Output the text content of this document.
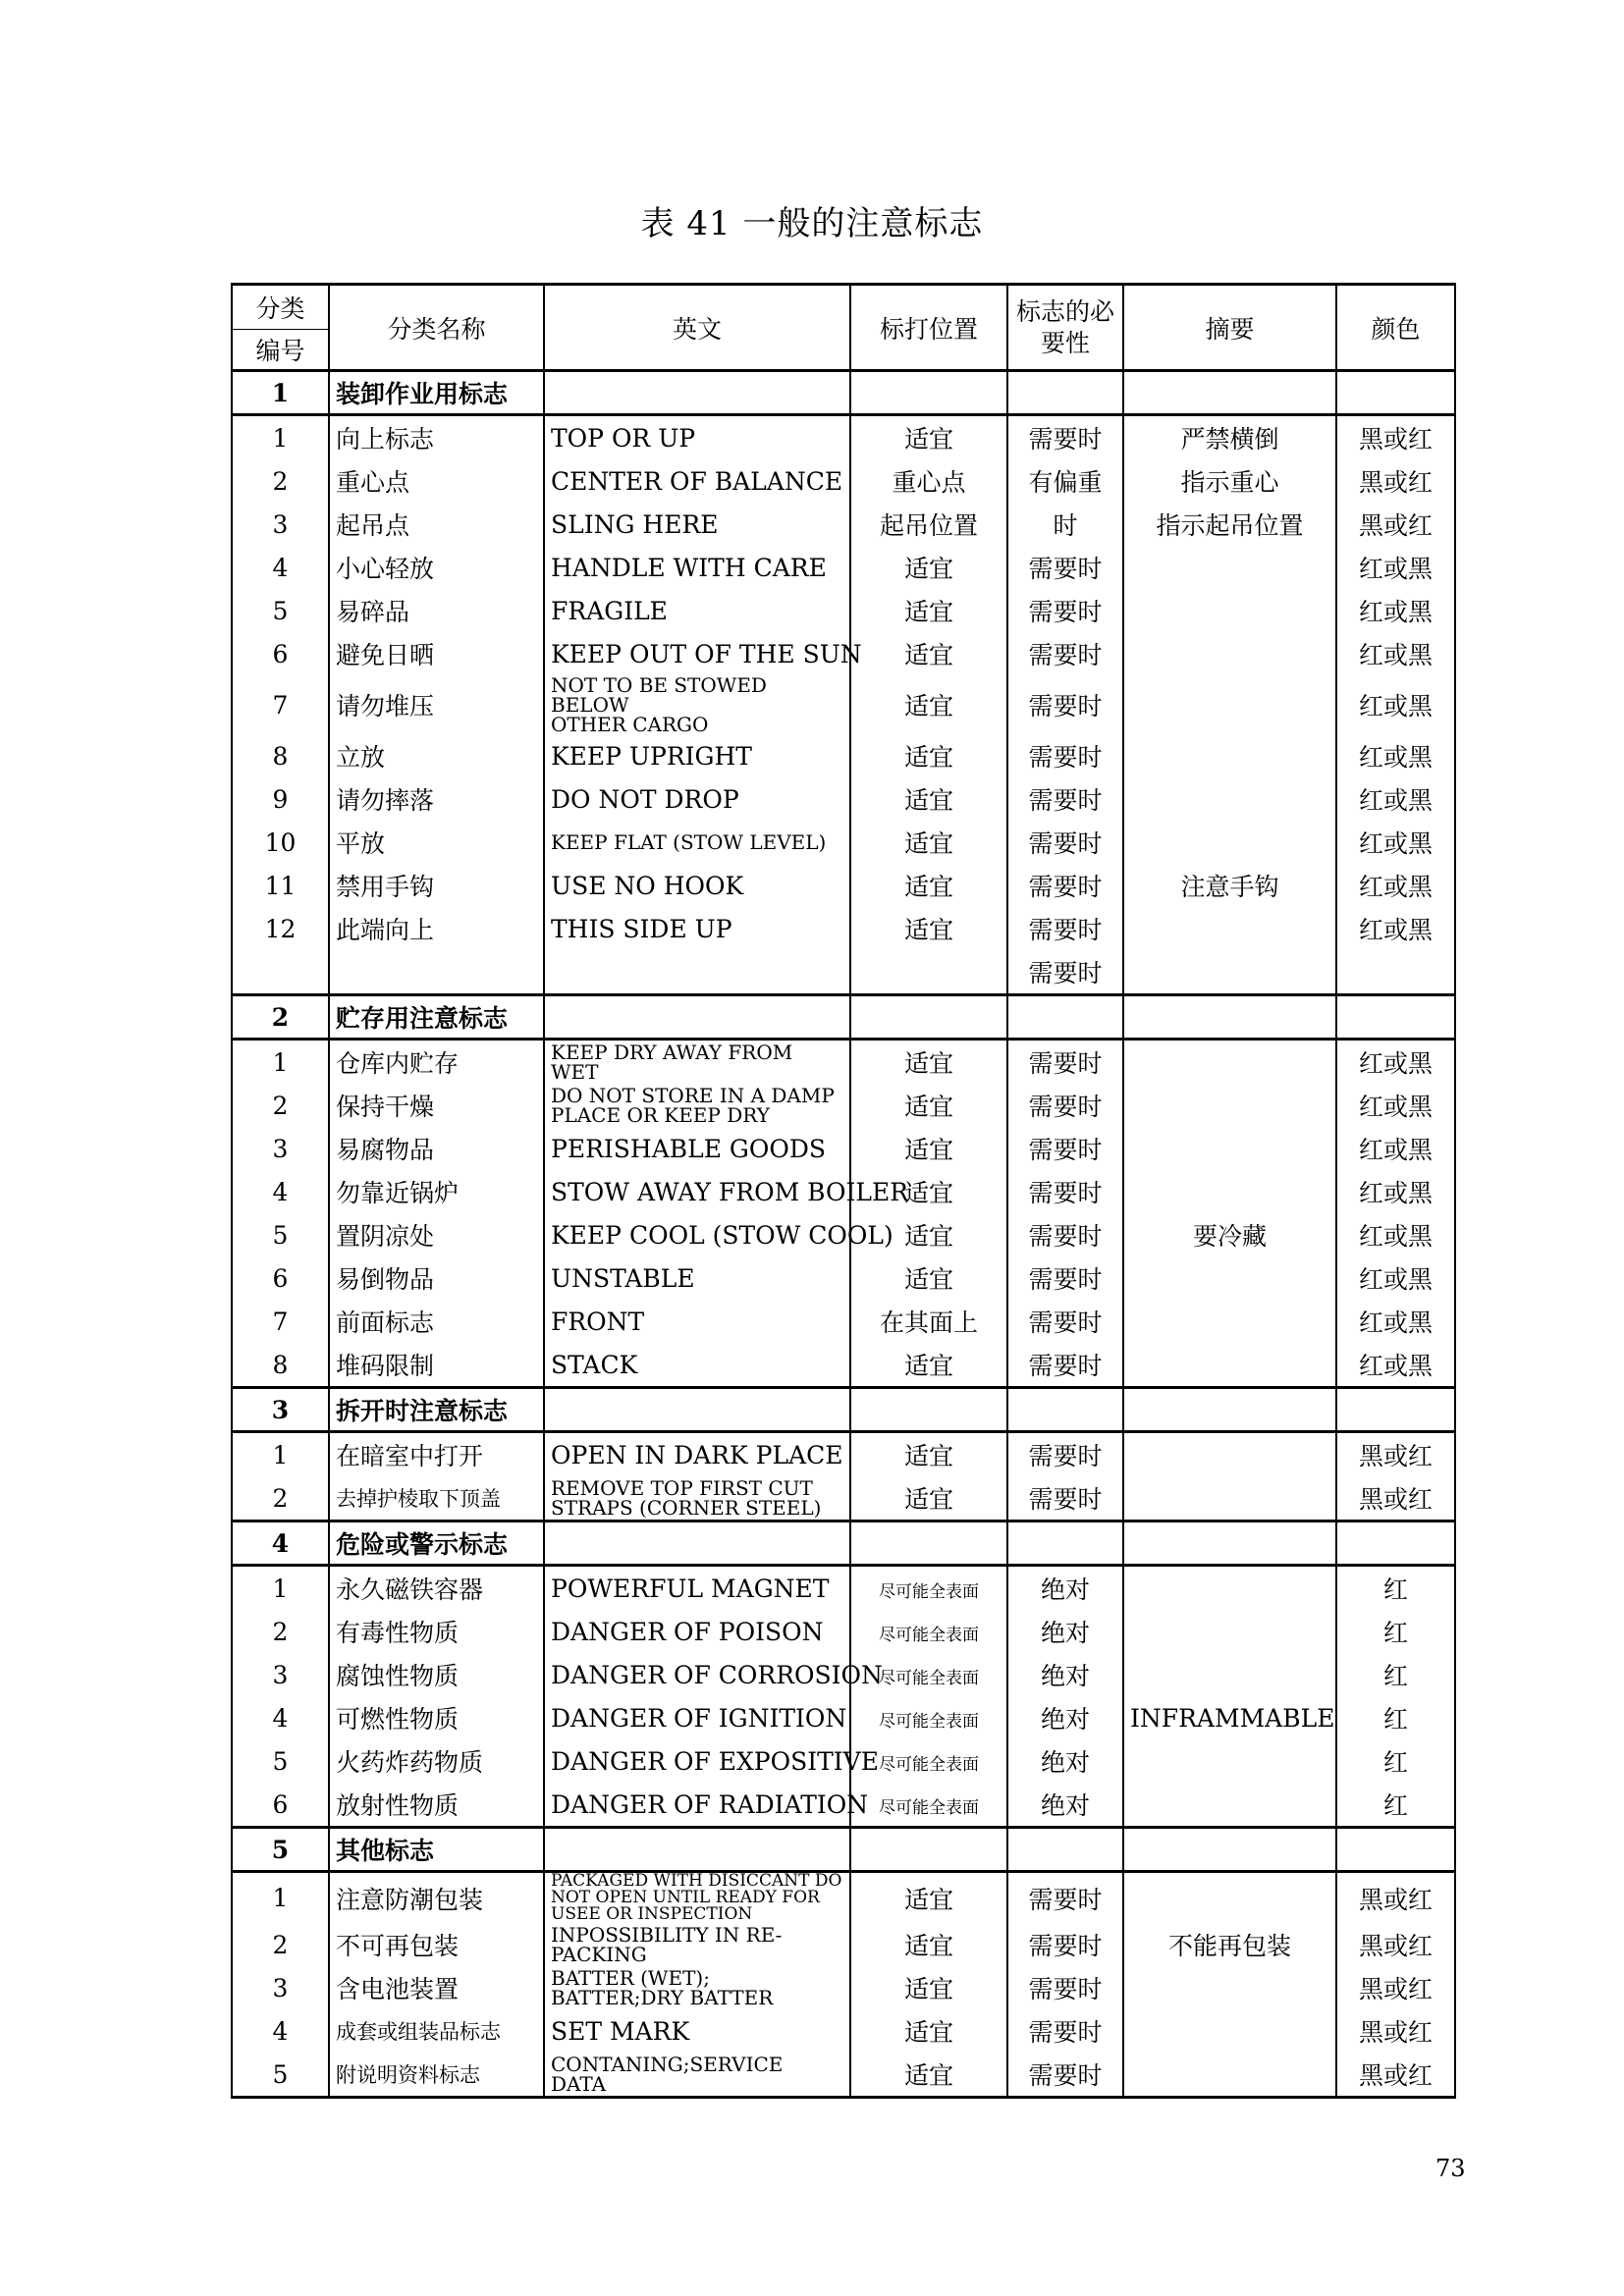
表 41 一般的注意标志
分类	分类名称	英文	标打位置	标志的必要性	摘要	颜色
编号						
1	装卸作业用标志					
1	向上标志	TOP OR UP	适宜	需要时	严禁横倒	黑或红
2	重心点	CENTER OF BALANCE	重心点	有偏重	指示重心	黑或红
3	起吊点	SLING HERE	起吊位置	时	指示起吊位置	黑或红
4	小心轻放	HANDLE WITH CARE	适宜	需要时		红或黑
5	易碎品	FRAGILE	适宜	需要时		红或黑
6	避免日晒	KEEP OUT OF THE SUN	适宜	需要时		红或黑
7	请勿堆压	NOT TO BE STOWED BELOW
OTHER CARGO	适宜	需要时		红或黑
8	立放	KEEP UPRIGHT	适宜	需要时		红或黑
9	请勿摔落	DO NOT DROP	适宜	需要时		红或黑
10	平放	KEEP FLAT (STOW LEVEL)	适宜	需要时		红或黑
11	禁用手钩	USE NO HOOK	适宜	需要时	注意手钩	红或黑
12	此端向上	THIS SIDE UP	适宜	需要时		红或黑
				需要时		
2	贮存用注意标志					
1	仓库内贮存	KEEP DRY AWAY FROM WET	适宜	需要时		红或黑
2	保持干燥	DO NOT STORE IN A DAMP
PLACE OR KEEP DRY	适宜	需要时		红或黑
3	易腐物品	PERISHABLE GOODS	适宜	需要时		红或黑
4	勿靠近锅炉	STOW AWAY FROM BOILER	适宜	需要时		红或黑
5	置阴凉处	KEEP COOL (STOW COOL)	适宜	需要时	要冷藏	红或黑
6	易倒物品	UNSTABLE	适宜	需要时		红或黑
7	前面标志	FRONT	在其面上	需要时		红或黑
8	堆码限制	STACK	适宜	需要时		红或黑
3	拆开时注意标志					
1	在暗室中打开	OPEN IN DARK PLACE	适宜	需要时		黑或红
2	去掉护棱取下顶盖	REMOVE TOP FIRST CUT
STRAPS (CORNER STEEL)	适宜	需要时		黑或红
4	危险或警示标志					
1	永久磁铁容器	POWERFUL MAGNET	尽可能全表面	绝对		红
2	有毒性物质	DANGER OF POISON	尽可能全表面	绝对		红
3	腐蚀性物质	DANGER OF CORROSION	尽可能全表面	绝对		红
4	可燃性物质	DANGER OF IGNITION	尽可能全表面	绝对	INFRAMMABLE	红
5	火药炸药物质	DANGER OF EXPOSITIVE	尽可能全表面	绝对		红
6	放射性物质	DANGER OF RADIATION	尽可能全表面	绝对		红
5	其他标志					
1	注意防潮包装	PACKAGED WITH DISICCANT DO
NOT OPEN UNTIL READY FOR
USEE OR INSPECTION	适宜	需要时		黑或红
2	不可再包装	INPOSSIBILITY IN RE-PACKING	适宜	需要时	不能再包装	黑或红
3	含电池装置	BATTER (WET);
BATTER;DRY BATTER	适宜	需要时		黑或红
4	成套或组装品标志	SET MARK	适宜	需要时		黑或红
5	附说明资料标志	CONTANING;SERVICE DATA	适宜	需要时		黑或红
73
